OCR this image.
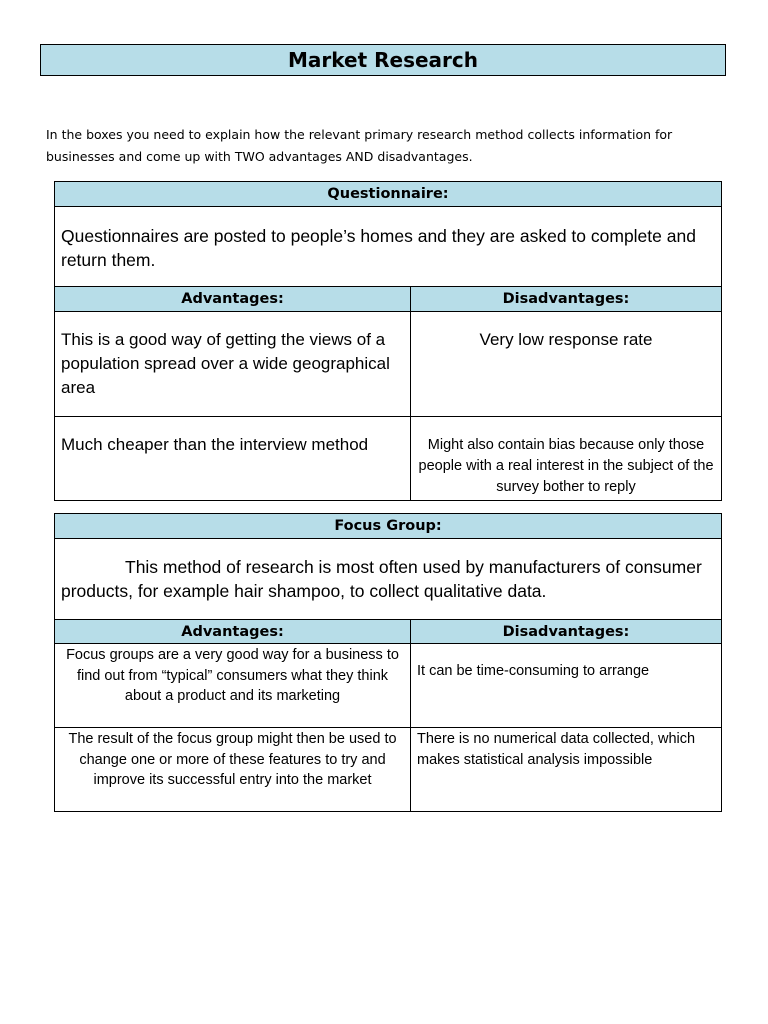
Market Research
In the boxes you need to explain how the relevant primary research method collects information for businesses and come up with TWO advantages AND disadvantages.
Questionnaire:	
Questionnaires are posted to people’s homes and they are asked to complete and return them.	
Advantages:	Disadvantages:
This is a good way of getting the views of a population spread over a wide geographical area	Very low response rate
Much cheaper than the interview method	Might also contain bias because only those people with a real interest in the subject of the survey bother to reply
Focus Group:	
This method of research is most often used by manufacturers of consumer products, for example hair shampoo, to collect qualitative data.	
Advantages:	Disadvantages:
Focus groups are a very good way for a business to find out from “typical” consumers what they think about a product and its marketing	It can be time-consuming to arrange
The result of the focus group might then be used to change one or more of these features to try and improve its successful entry into the market	There is no numerical data collected, which makes statistical analysis impossible
